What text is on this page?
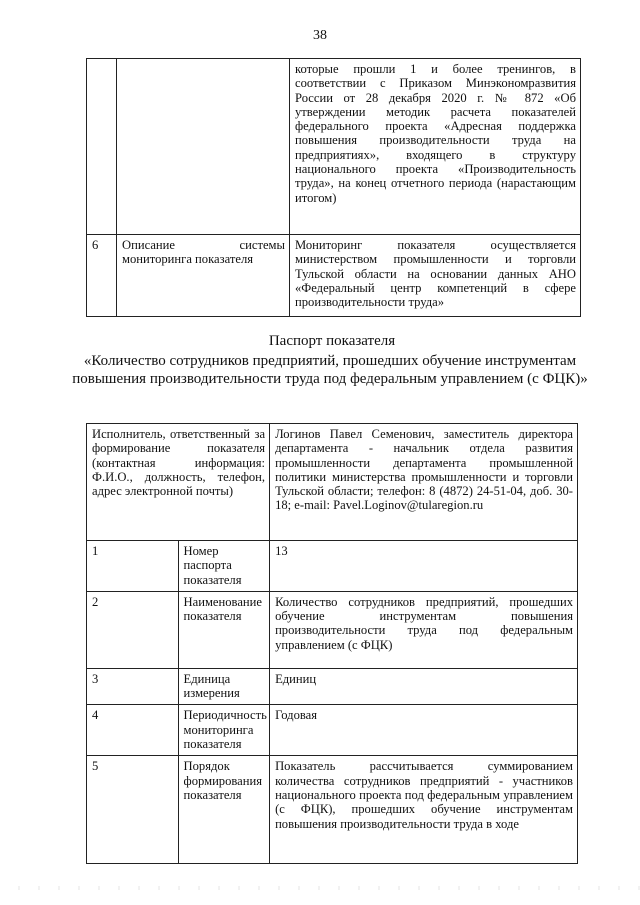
38
		которые прошли 1 и более тренингов, в соответствии с Приказом Минэкономразвития России от 28 декабря 2020 г. № 872 «Об утверждении методик расчета показателей федерального проекта «Адресная поддержка повышения производительности труда на предприятиях», входящего в структуру национального проекта «Производительность труда», на конец отчетного периода (нарастающим итогом)
6	Описание системы мониторинга показателя	Мониторинг показателя осуществляется министерством промышленности и торговли Тульской области на основании данных АНО «Федеральный центр компетенций в сфере производительности труда»
Паспорт показателя
«Количество сотрудников предприятий, прошедших обучение инструментам повышения производительности труда под федеральным управлением (с ФЦК)»
Исполнитель, ответственный за формирование показателя (контактная информация: Ф.И.О., должность, телефон, адрес электронной почты)		Логинов Павел Семенович, заместитель директора департамента - начальник отдела развития промышленности департамента промышленной политики министерства промышленности и торговли Тульской области; телефон: 8 (4872) 24-51-04, доб. 30-18; e-mail: Pavel.Loginov@tularegion.ru
1	Номер паспорта показателя	13
2	Наименование показателя	Количество сотрудников предприятий, прошедших обучение инструментам повышения производительности труда под федеральным управлением (с ФЦК)
3	Единица измерения	Единиц
4	Периодичность мониторинга показателя	Годовая
5	Порядок формирования показателя	Показатель рассчитывается суммированием количества сотрудников предприятий - участников национального проекта под федеральным управлением (с ФЦК), прошедших обучение инструментам повышения производительности труда в ходе
